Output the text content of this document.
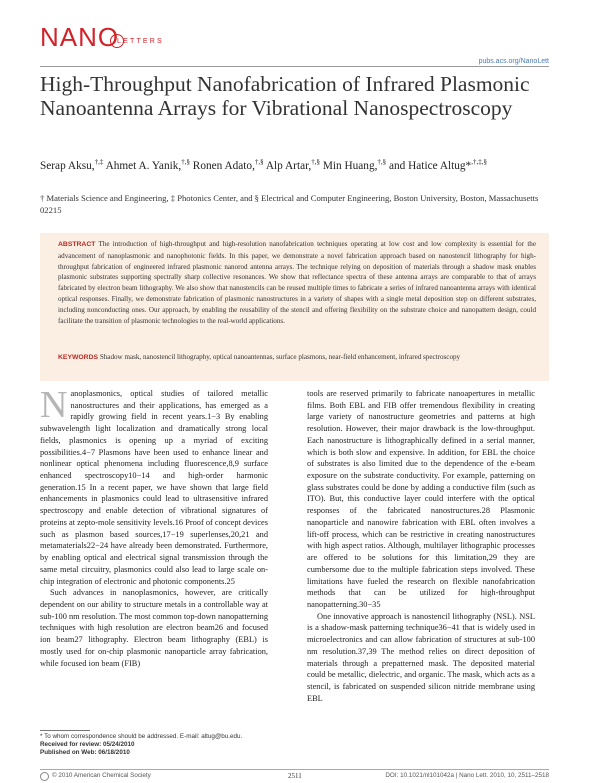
NANO
LETTERS
pubs.acs.org/NanoLett
High-Throughput Nanofabrication of Infrared Plasmonic Nanoantenna Arrays for Vibrational Nanospectroscopy
Serap Aksu,†,‡ Ahmet A. Yanik,†,§ Ronen Adato,†,§ Alp Artar,†,§ Min Huang,†,§ and Hatice Altug*,†,‡,§
† Materials Science and Engineering, ‡ Photonics Center, and § Electrical and Computer Engineering, Boston University, Boston, Massachusetts 02215
ABSTRACT The introduction of high-throughput and high-resolution nanofabrication techniques operating at low cost and low complexity is essential for the advancement of nanoplasmonic and nanophotonic fields. In this paper, we demonstrate a novel fabrication approach based on nanostencil lithography for high-throughput fabrication of engineered infrared plasmonic nanorod antenna arrays. The technique relying on deposition of materials through a shadow mask enables plasmonic substrates supporting spectrally sharp collective resonances. We show that reflectance spectra of these antenna arrays are comparable to that of arrays fabricated by electron beam lithography. We also show that nanostencils can be reused multiple times to fabricate a series of infrared nanoantenna arrays with identical optical responses. Finally, we demonstrate fabrication of plasmonic nanostructures in a variety of shapes with a single metal deposition step on different substrates, including nonconducting ones. Our approach, by enabling the reusability of the stencil and offering flexibility on the substrate choice and nanopattern design, could facilitate the transition of plasmonic technologies to the real-world applications.
KEYWORDS Shadow mask, nanostencil lithography, optical nanoantennas, surface plasmons, near-field enhancement, infrared spectroscopy

Nanoplasmonics, optical studies of tailored metallic nanostructures and their applications, has emerged as a rapidly growing field in recent years.1−3 By enabling subwavelength light localization and dramatically strong local fields, plasmonics is opening up a myriad of exciting possibilities.4−7 Plasmons have been used to enhance linear and nonlinear optical phenomena including fluorescence,8,9 surface enhanced spectroscopy10−14 and high-order harmonic generation.15 In a recent paper, we have shown that large field enhancements in plasmonics could lead to ultrasensitive infrared spectroscopy and enable detection of vibrational signatures of proteins at zepto-mole sensitivity levels.16 Proof of concept devices such as plasmon based sources,17−19 superlenses,20,21 and metamaterials22−24 have already been demonstrated. Furthermore, by enabling optical and electrical signal transmission through the same metal circuitry, plasmonics could also lead to large scale on-chip integration of electronic and photonic components.25

Such advances in nanoplasmonics, however, are critically dependent on our ability to structure metals in a controllable way at sub-100 nm resolution. The most common top-down nanopatterning techniques with high resolution are electron beam26 and focused ion beam27 lithography. Electron beam lithography (EBL) is mostly used for on-chip plasmonic nanoparticle array fabrication, while focused ion beam (FIB)

tools are reserved primarily to fabricate nanoapertures in metallic films. Both EBL and FIB offer tremendous flexibility in creating large variety of nanostructure geometries and patterns at high resolution. However, their major drawback is the low-throughput. Each nanostructure is lithographically defined in a serial manner, which is both slow and expensive. In addition, for EBL the choice of substrates is also limited due to the dependence of the e-beam exposure on the substrate conductivity. For example, patterning on glass substrates could be done by adding a conductive film (such as ITO). But, this conductive layer could interfere with the optical responses of the fabricated nanostructures.28 Plasmonic nanoparticle and nanowire fabrication with EBL often involves a lift-off process, which can be restrictive in creating nanostructures with high aspect ratios. Although, multilayer lithographic processes are offered to be solutions for this limitation,29 they are cumbersome due to the multiple fabrication steps involved. These limitations have fueled the research on flexible nanofabrication methods that can be utilized for high-throughput nanopatterning.30−35

One innovative approach is nanostencil lithography (NSL). NSL is a shadow-mask patterning technique36−41 that is widely used in microelectronics and can allow fabrication of structures at sub-100 nm resolution.37,39 The method relies on direct deposition of materials through a prepatterned mask. The deposited material could be metallic, dielectric, and organic. The mask, which acts as a stencil, is fabricated on suspended silicon nitride membrane using EBL

* To whom correspondence should be addressed. E-mail: altug@bu.edu.
Received for review: 05/24/2010
Published on Web: 06/18/2010
© 2010 American Chemical Society	2511	DOI: 10.1021/nl101042a | Nano Lett. 2010, 10, 2511–2518
